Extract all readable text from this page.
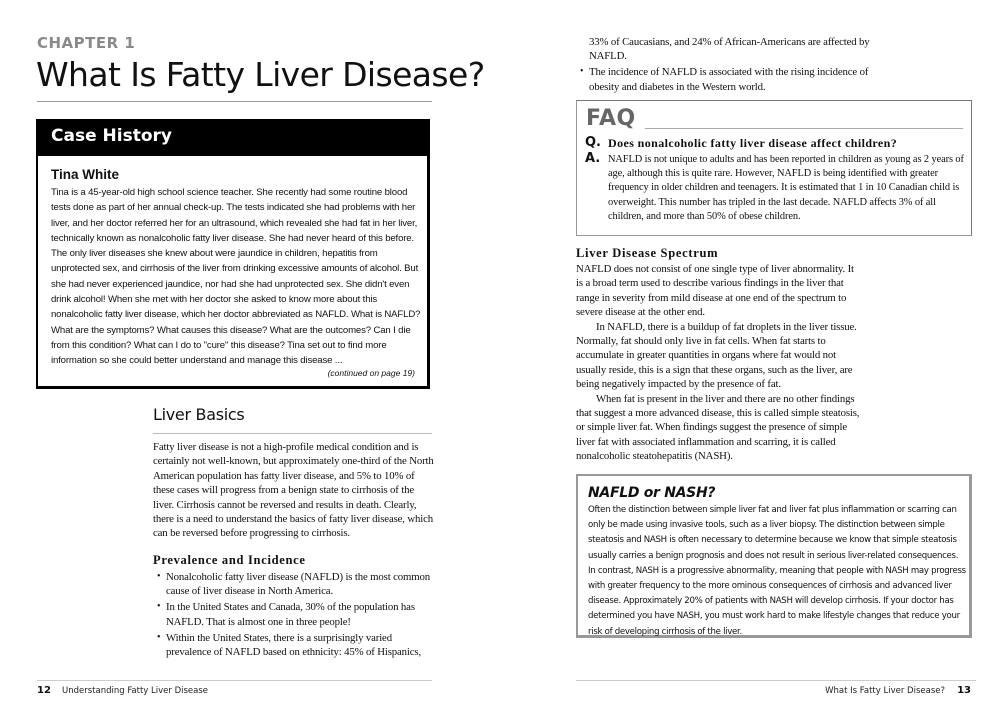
CHAPTER 1
What Is Fatty Liver Disease?
Case History
Tina White
Tina is a 45-year-old high school science teacher. She recently had some routine blood tests done as part of her annual check-up. The tests indicated she had problems with her liver, and her doctor referred her for an ultrasound, which revealed she had fat in her liver, technically known as nonalcoholic fatty liver disease. She had never heard of this before. The only liver diseases she knew about were jaundice in children, hepatitis from unprotected sex, and cirrhosis of the liver from drinking excessive amounts of alcohol. But she had never experienced jaundice, nor had she had unprotected sex. She didn't even drink alcohol! When she met with her doctor she asked to know more about this nonalcoholic fatty liver disease, which her doctor abbreviated as NAFLD. What is NAFLD? What are the symptoms? What causes this disease? What are the outcomes? Can I die from this condition? What can I do to "cure" this disease? Tina set out to find more information so she could better understand and manage this disease ...
(continued on page 19)
Liver Basics
Fatty liver disease is not a high-profile medical condition and is certainly not well-known, but approximately one-third of the North American population has fatty liver disease, and 5% to 10% of these cases will progress from a benign state to cirrhosis of the liver. Cirrhosis cannot be reversed and results in death. Clearly, there is a need to understand the basics of fatty liver disease, which can be reversed before progressing to cirrhosis.
Prevalence and Incidence
• Nonalcoholic fatty liver disease (NAFLD) is the most common cause of liver disease in North America.
• In the United States and Canada, 30% of the population has NAFLD. That is almost one in three people!
• Within the United States, there is a surprisingly varied prevalence of NAFLD based on ethnicity: 45% of Hispanics,
12 Understanding Fatty Liver Disease
33% of Caucasians, and 24% of African-Americans are affected by NAFLD.
• The incidence of NAFLD is associated with the rising incidence of obesity and diabetes in the Western world.
FAQ
Q. Does nonalcoholic fatty liver disease affect children?
A. NAFLD is not unique to adults and has been reported in children as young as 2 years of age, although this is quite rare. However, NAFLD is being identified with greater frequency in older children and teenagers. It is estimated that 1 in 10 Canadian child is overweight. This number has tripled in the last decade. NAFLD affects 3% of all children, and more than 50% of obese children.
Liver Disease Spectrum

NAFLD does not consist of one single type of liver abnormality. It is a broad term used to describe various findings in the liver that range in severity from mild disease at one end of the spectrum to severe disease at the other end.

In NAFLD, there is a buildup of fat droplets in the liver tissue. Normally, fat should only live in fat cells. When fat starts to accumulate in greater quantities in organs where fat would not usually reside, this is a sign that these organs, such as the liver, are being negatively impacted by the presence of fat.

When fat is present in the liver and there are no other findings that suggest a more advanced disease, this is called simple steatosis, or simple liver fat. When findings suggest the presence of simple liver fat with associated inflammation and scarring, it is called nonalcoholic steatohepatitis (NASH).

NAFLD or NASH?
Often the distinction between simple liver fat and liver fat plus inflammation or scarring can only be made using invasive tools, such as a liver biopsy. The distinction between simple steatosis and NASH is often necessary to determine because we know that simple steatosis usually carries a benign prognosis and does not result in serious liver-related consequences. In contrast, NASH is a progressive abnormality, meaning that people with NASH may progress with greater frequency to the more ominous consequences of cirrhosis and advanced liver disease. Approximately 20% of patients with NASH will develop cirrhosis. If your doctor has determined you have NASH, you must work hard to make lifestyle changes that reduce your risk of developing cirrhosis of the liver.
What Is Fatty Liver Disease? 13
